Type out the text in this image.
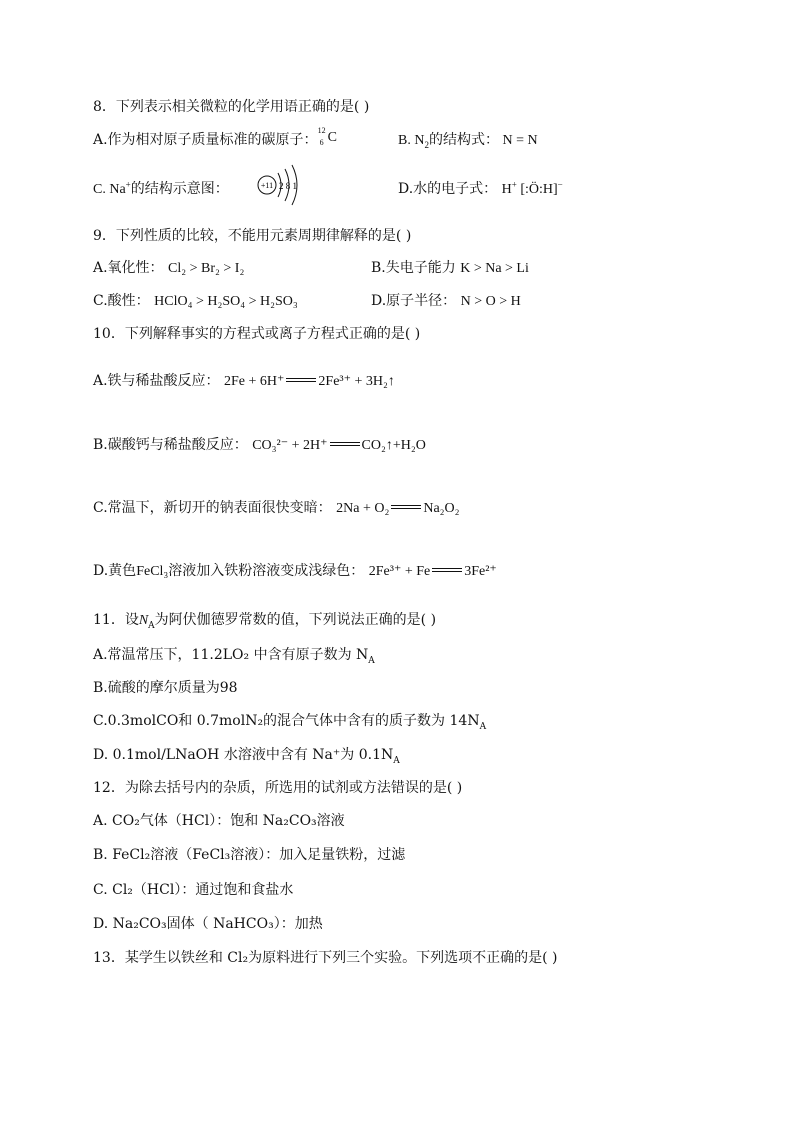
8．下列表示相关微粒的化学用语正确的是( )
A.作为相对原子质量标准的碳原子：
12
6 C	B. $N_2$的结构式： N = N
C. Na+的结构示意图：	+11 2 8 1	D.水的电子式： H+ [:Ö:H]−
9．下列性质的比较，不能用元素周期律解释的是( )
A.氧化性： Cl₂ > Br₂ > I₂	B.失电子能力 K > Na > Li
C.酸性： HClO₄ > H₂SO₄ > H₂SO₃	D.原子半径： N > O > H
10．下列解释事实的方程式或离子方程式正确的是( )
A.铁与稀盐酸反应： 2Fe + 6H⁺ 2Fe³⁺ + 3H₂↑
B.碳酸钙与稀盐酸反应： CO₃²⁻ + 2H⁺ CO₂↑+H₂O
C.常温下，新切开的钠表面很快变暗： 2Na + O₂ Na₂O₂
D.黄色FeCl₃溶液加入铁粉溶液变成浅绿色： 2Fe³⁺ + Fe 3Fe²⁺
11．设$N_A$为阿伏伽德罗常数的值，下列说法正确的是( )
A.常温常压下，11.2LO₂ 中含有原子数为 $N_A$
B.硫酸的摩尔质量为98
C.0.3molCO和 0.7molN₂的混合气体中含有的质子数为 $14N_A$
D. 0.1mol/LNaOH 水溶液中含有 Na⁺为 $0.1N_A$
12．为除去括号内的杂质，所选用的试剂或方法错误的是( )
A. CO₂气体（HCl）：饱和 Na₂CO₃溶液
B. FeCl₂溶液（FeCl₃溶液）：加入足量铁粉，过滤
C. Cl₂（HCl）：通过饱和食盐水
D. Na₂CO₃固体（ NaHCO₃）：加热
13．某学生以铁丝和 Cl₂为原料进行下列三个实验。下列选项不正确的是( )
